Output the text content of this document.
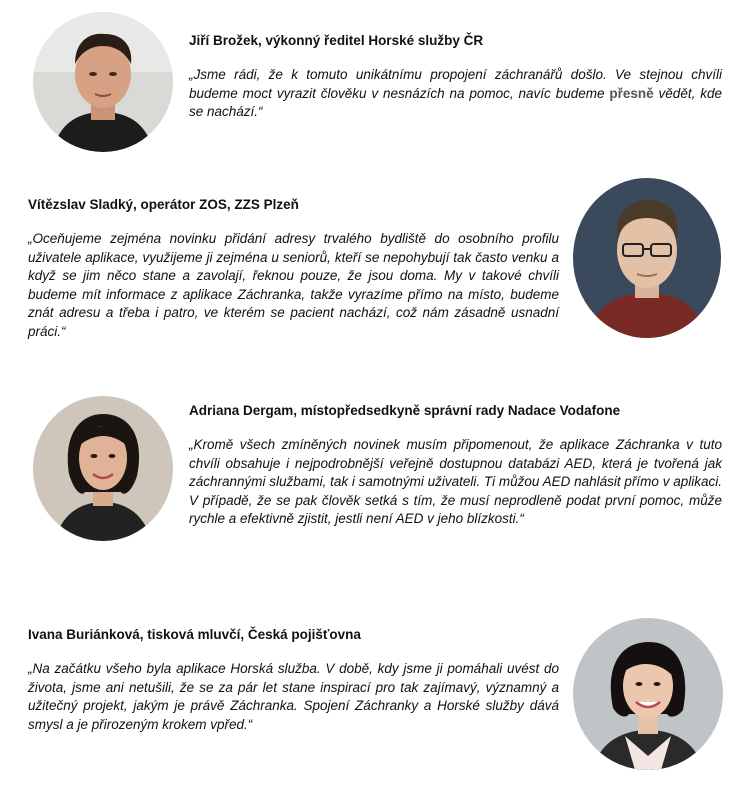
Jiří Brožek, výkonný ředitel Horské služby ČR

„Jsme rádi, že k tomuto unikátnímu propojení záchranářů došlo. Ve stejnou chvíli budeme moct vyrazit člověku v nesnázích na pomoc, navíc budeme přesně vědět, kde se nachází.“

Vítězslav Sladký, operátor ZOS, ZZS Plzeň

„Oceňujeme zejména novinku přidání adresy trvalého bydliště do osobního profilu uživatele aplikace, využijeme ji zejména u seniorů, kteří se nepohybují tak často venku a když se jim něco stane a zavolají, řeknou pouze, že jsou doma. My v takové chvíli budeme mít informace z aplikace Záchranka, takže vyrazíme přímo na místo, budeme znát adresu a třeba i patro, ve kterém se pacient nachází, což nám zásadně usnadní práci.“

Adriana Dergam, místopředsedkyně správní rady Nadace Vodafone

„Kromě všech zmíněných novinek musím připomenout, že aplikace Záchranka v tuto chvíli obsahuje i nejpodrobnější veřejně dostupnou databázi AED, která je tvořená jak záchrannými službami, tak i samotnými uživateli. Ti můžou AED nahlásit přímo v aplikaci. V případě, že se pak člověk setká s tím, že musí neprodleně podat první pomoc, může rychle a efektivně zjistit, jestli není AED v jeho blízkosti.“

Ivana Buriánková, tisková mluvčí, Česká pojišťovna

„Na začátku všeho byla aplikace Horská služba. V době, kdy jsme ji pomáhali uvést do života, jsme ani netušili, že se za pár let stane inspirací pro tak zajímavý, významný a užitečný projekt, jakým je právě Záchranka. Spojení Záchranky a Horské služby dává smysl a je přirozeným krokem vpřed.“
